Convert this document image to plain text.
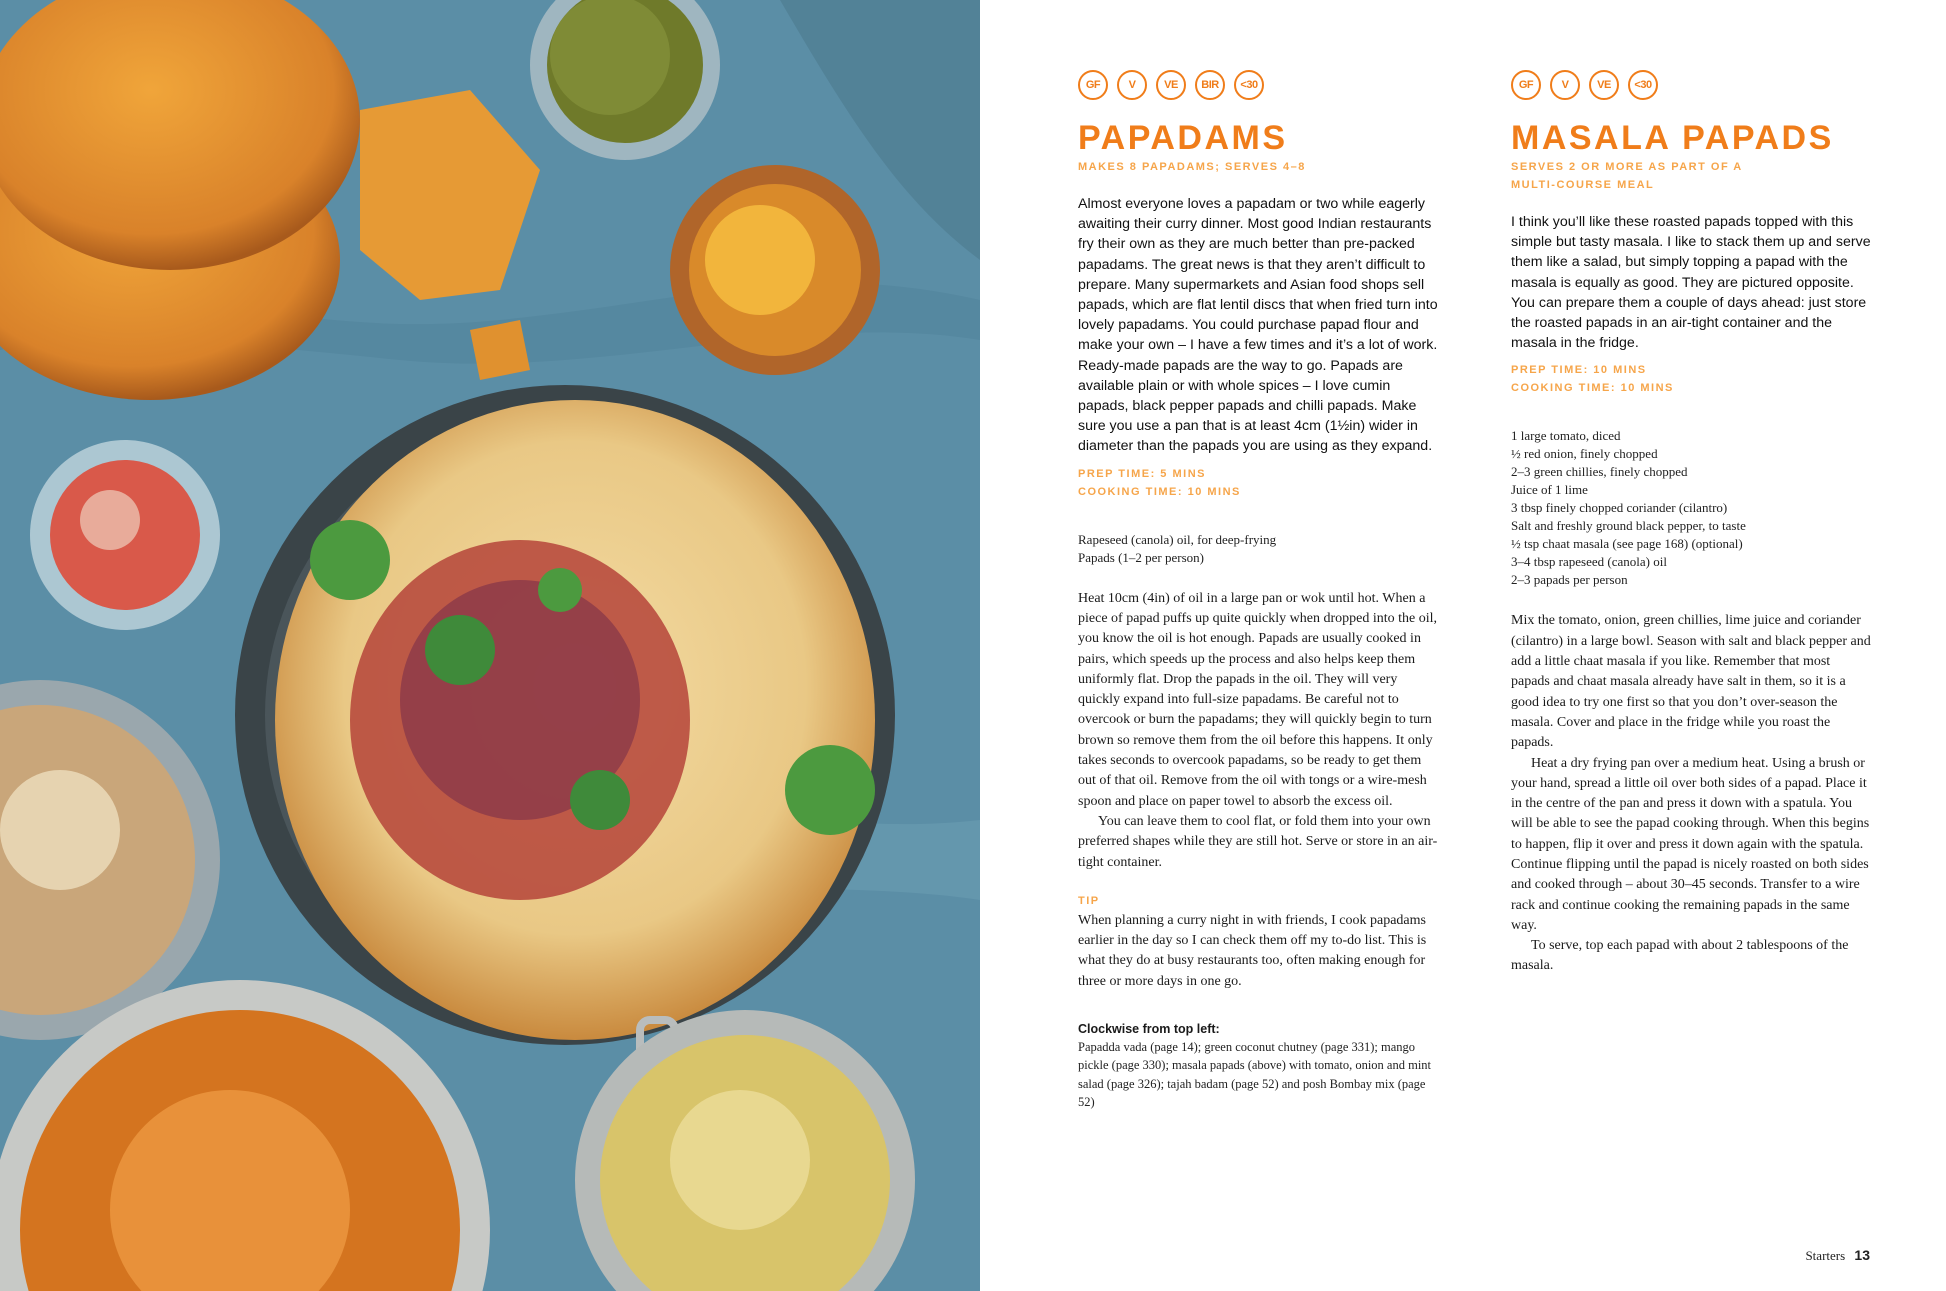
GF	V	VE	BIR	<30
PAPADAMS
MAKES 8 PAPADAMS; SERVES 4–8
Almost everyone loves a papadam or two while eagerly awaiting their curry dinner. Most good Indian restaurants fry their own as they are much better than pre-packed papadams. The great news is that they aren’t difficult to prepare. Many supermarkets and Asian food shops sell papads, which are flat lentil discs that when fried turn into lovely papadams. You could purchase papad flour and make your own – I have a few times and it’s a lot of work. Ready-made papads are the way to go. Papads are available plain or with whole spices – I love cumin papads, black pepper papads and chilli papads. Make sure you use a pan that is at least 4cm (1½in) wider in diameter than the papads you are using as they expand.
PREP TIME: 5 MINS
COOKING TIME: 10 MINS
Rapeseed (canola) oil, for deep-frying
Papads (1–2 per person)

Heat 10cm (4in) of oil in a large pan or wok until hot. When a piece of papad puffs up quite quickly when dropped into the oil, you know the oil is hot enough. Papads are usually cooked in pairs, which speeds up the process and also helps keep them uniformly flat. Drop the papads in the oil. They will very quickly expand into full-size papadams. Be careful not to overcook or burn the papadams; they will quickly begin to turn brown so remove them from the oil before this happens. It only takes seconds to overcook papadams, so be ready to get them out of that oil. Remove from the oil with tongs or a wire-mesh spoon and place on paper towel to absorb the excess oil.

You can leave them to cool flat, or fold them into your own preferred shapes while they are still hot. Serve or store in an air-tight container.

TIP
When planning a curry night in with friends, I cook papadams earlier in the day so I can check them off my to-do list. This is what they do at busy restaurants too, often making enough for three or more days in one go.
Clockwise from top left:
Papadda vada (page 14); green coconut chutney (page 331); mango pickle (page 330); masala papads (above) with tomato, onion and mint salad (page 326); tajah badam (page 52) and posh Bombay mix (page 52)
GF	V	VE	<30
MASALA PAPADS
SERVES 2 OR MORE AS PART OF A
MULTI-COURSE MEAL
I think you’ll like these roasted papads topped with this simple but tasty masala. I like to stack them up and serve them like a salad, but simply topping a papad with the masala is equally as good. They are pictured opposite. You can prepare them a couple of days ahead: just store the roasted papads in an air-tight container and the masala in the fridge.
PREP TIME: 10 MINS
COOKING TIME: 10 MINS
1 large tomato, diced
½ red onion, finely chopped
2–3 green chillies, finely chopped
Juice of 1 lime
3 tbsp finely chopped coriander (cilantro)
Salt and freshly ground black pepper, to taste
½ tsp chaat masala (see page 168) (optional)
3–4 tbsp rapeseed (canola) oil
2–3 papads per person

Mix the tomato, onion, green chillies, lime juice and coriander (cilantro) in a large bowl. Season with salt and black pepper and add a little chaat masala if you like. Remember that most papads and chaat masala already have salt in them, so it is a good idea to try one first so that you don’t over-season the masala. Cover and place in the fridge while you roast the papads.

Heat a dry frying pan over a medium heat. Using a brush or your hand, spread a little oil over both sides of a papad. Place it in the centre of the pan and press it down with a spatula. You will be able to see the papad cooking through. When this begins to happen, flip it over and press it down again with the spatula. Continue flipping until the papad is nicely roasted on both sides and cooked through – about 30–45 seconds. Transfer to a wire rack and continue cooking the remaining papads in the same way.

To serve, top each papad with about 2 tablespoons of the masala.

Starters 13
